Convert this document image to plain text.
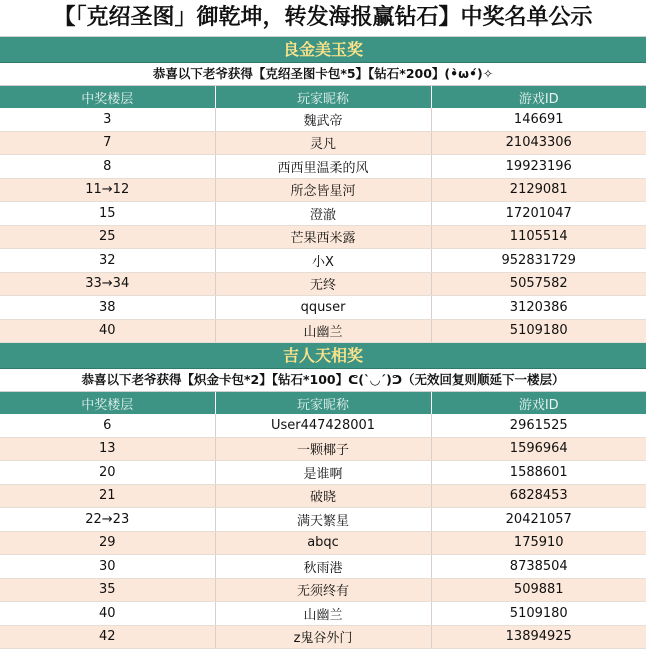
【「克绍圣图」御乾坤，转发海报赢钻石】中奖名单公示
良金美玉奖
恭喜以下老爷获得【克绍圣图卡包*5】【钻石*200】(•̀ω•́)✧
中奖楼层	玩家昵称	游戏ID
3	魏武帝	146691
7	灵凡	21043306
8	西西里温柔的风	19923196
11→12	所念皆星河	2129081
15	澄澈	17201047
25	芒果西米露	1105514
32	小X	952831729
33→34	无终	5057582
38	qquser	3120386
40	山幽兰	5109180
吉人天相奖
恭喜以下老爷获得【炽金卡包*2】【钻石*100】ᕦ(ˋ◡ˊ)ᕤ（无效回复则顺延下一楼层）
中奖楼层	玩家昵称	游戏ID
6	User447428001	2961525
13	一颗椰子	1596964
20	是谁啊	1588601
21	破晓	6828453
22→23	满天繁星	20421057
29	abqc	175910
30	秋雨港	8738504
35	无须终有	509881
40	山幽兰	5109180
42	z鬼谷外门	13894925
